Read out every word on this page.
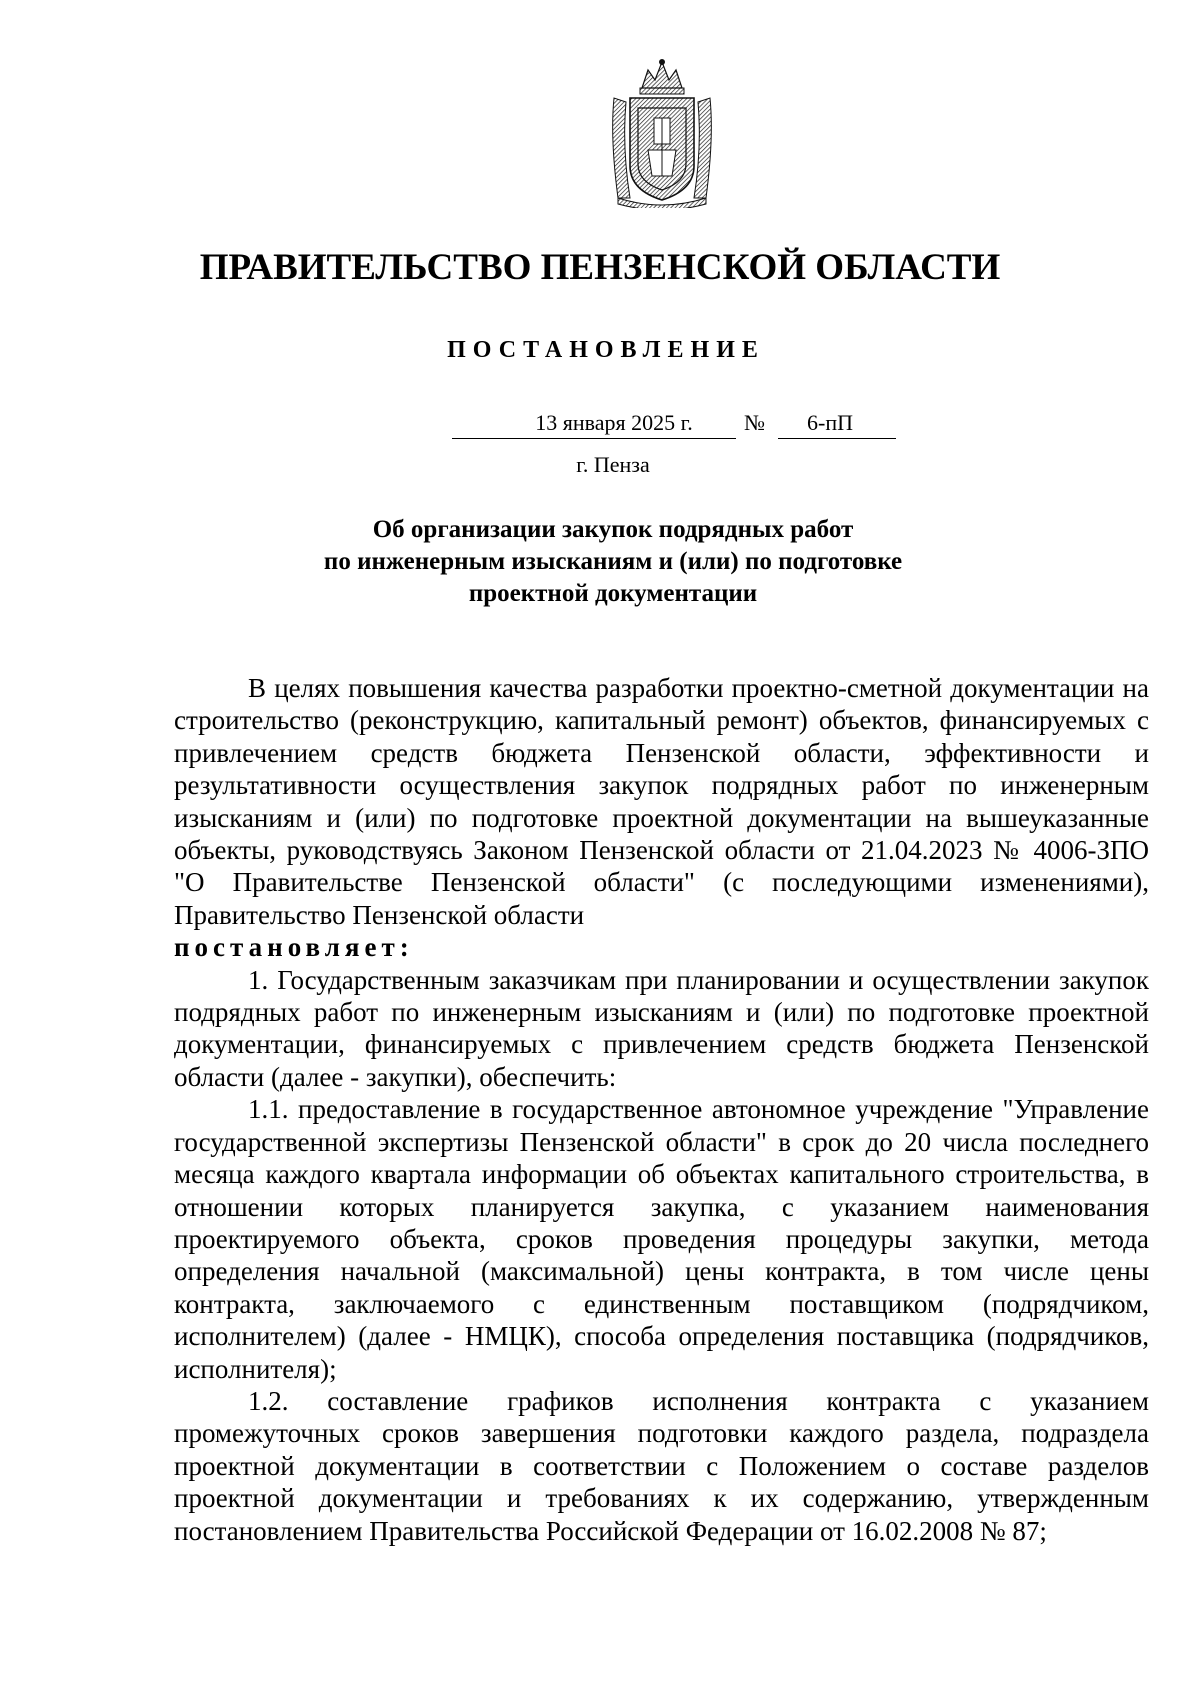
ПРАВИТЕЛЬСТВО ПЕНЗЕНСКОЙ ОБЛАСТИ
ПОСТАНОВЛЕНИЕ
13 января 2025 г.	№	6-пП
г. Пенза
Об организации закупок подрядных работ
по инженерным изысканиям и (или) по подготовке
проектной документации

В целях повышения качества разработки проектно-сметной документации на строительство (реконструкцию, капитальный ремонт) объектов, финансируемых с привлечением средств бюджета Пензенской области, эффективности и результативности осуществления закупок подрядных работ по инженерным изысканиям и (или) по подготовке проектной документации на вышеуказанные объекты, руководствуясь Законом Пензенской области от 21.04.2023 № 4006-ЗПО "О Правительстве Пензенской области" (с последующими изменениями), Правительство Пензенской области

постановляет:

1. Государственным заказчикам при планировании и осуществлении закупок подрядных работ по инженерным изысканиям и (или) по подготовке проектной документации, финансируемых с привлечением средств бюджета Пензенской области (далее - закупки), обеспечить:

1.1. предоставление в государственное автономное учреждение "Управление государственной экспертизы Пензенской области" в срок до 20 числа последнего месяца каждого квартала информации об объектах капитального строительства, в отношении которых планируется закупка, с указанием наименования проектируемого объекта, сроков проведения процедуры закупки, метода определения начальной (максимальной) цены контракта, в том числе цены контракта, заключаемого с единственным поставщиком (подрядчиком, исполнителем) (далее - НМЦК), способа определения поставщика (подрядчиков, исполнителя);

1.2. составление графиков исполнения контракта с указанием промежуточных сроков завершения подготовки каждого раздела, подраздела проектной документации в соответствии с Положением о составе разделов проектной документации и требованиях к их содержанию, утвержденным постановлением Правительства Российской Федерации от 16.02.2008 № 87;
